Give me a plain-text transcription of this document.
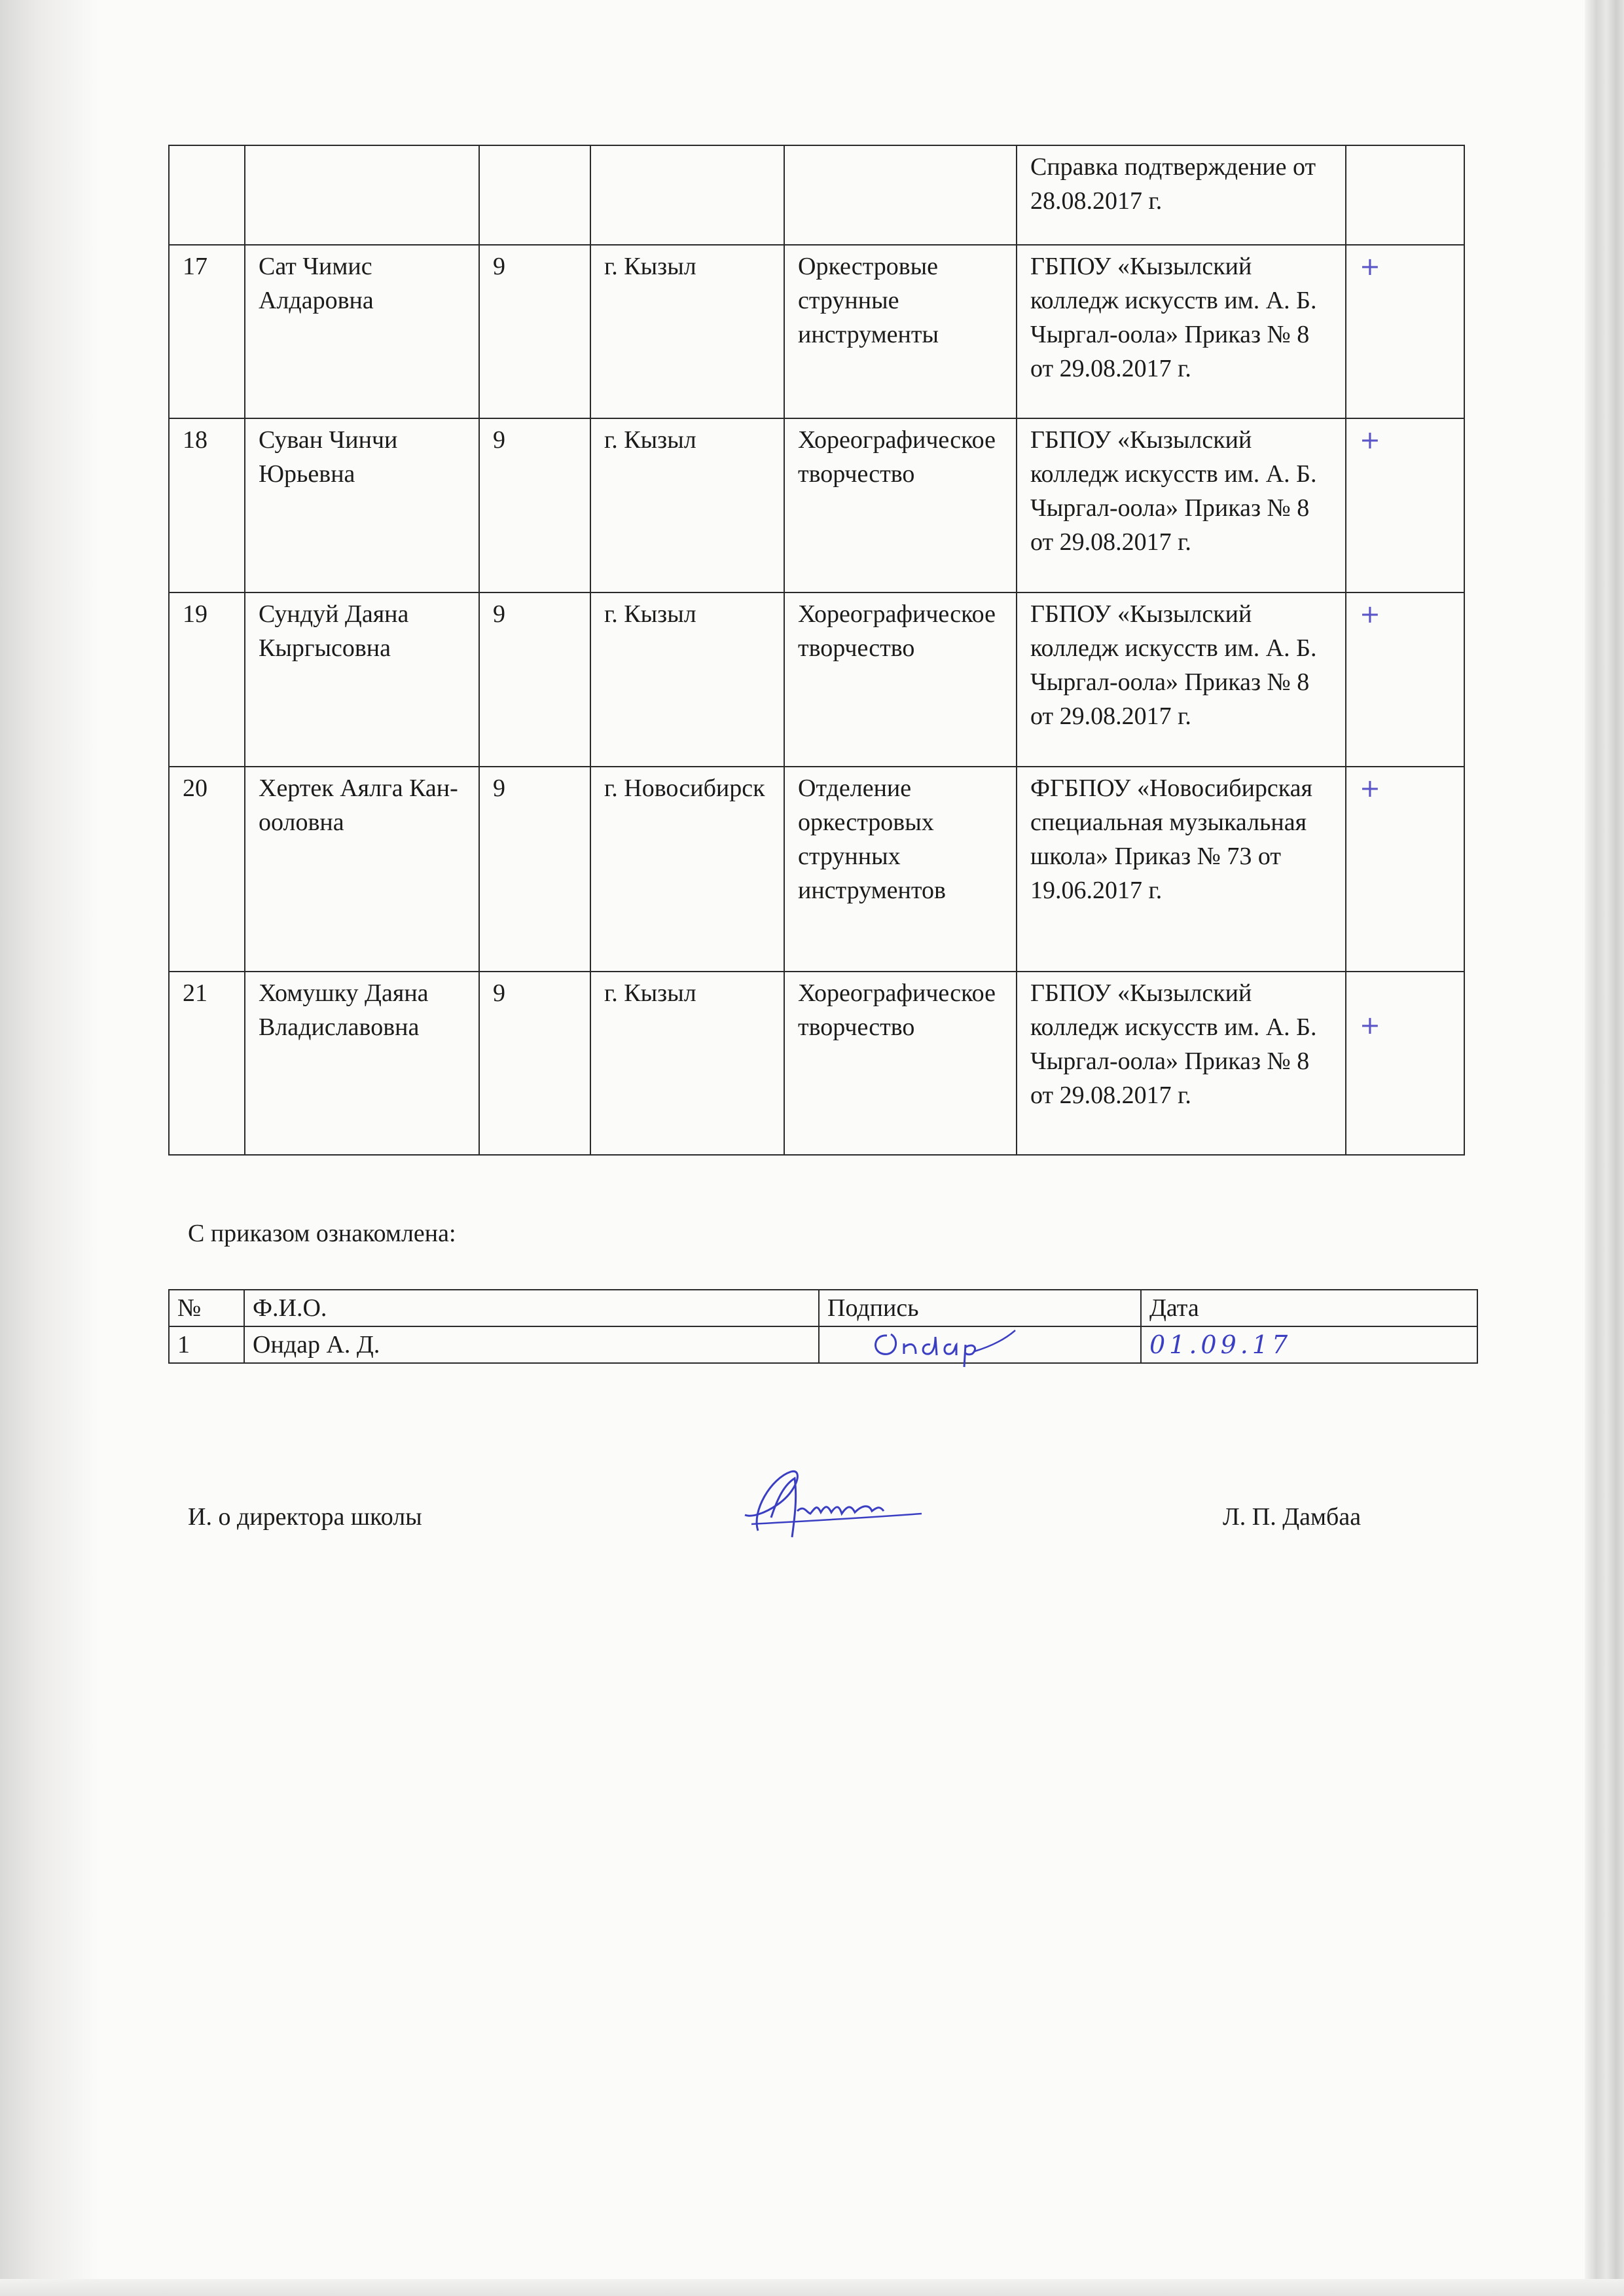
					Справка подтверждение от 28.08.2017 г.	
17	Сат Чимис Алдаровна	9	г. Кызыл	Оркестровые струнные инструменты	ГБПОУ «Кызылский колледж искусств им. А. Б. Чыргал-оола» Приказ № 8 от 29.08.2017 г.	+
18	Суван Чинчи Юрьевна	9	г. Кызыл	Хореографическое творчество	ГБПОУ «Кызылский колледж искусств им. А. Б. Чыргал-оола» Приказ № 8 от 29.08.2017 г.	+
19	Сундуй Даяна Кыргысовна	9	г. Кызыл	Хореографическое творчество	ГБПОУ «Кызылский колледж искусств им. А. Б. Чыргал-оола» Приказ № 8 от 29.08.2017 г.	+
20	Хертек Аялга Кан-ооловна	9	г. Новосибирск	Отделение оркестровых струнных инструментов	ФГБПОУ «Новосибирская специальная музыкальная школа» Приказ № 73 от 19.06.2017 г.	+
21	Хомушку Даяна Владиславовна	9	г. Кызыл	Хореографическое творчество	ГБПОУ «Кызылский колледж искусств им. А. Б. Чыргал-оола» Приказ № 8 от 29.08.2017 г.	+
С приказом ознакомлена:
№	Ф.И.О.	Подпись	Дата
1	Ондар А. Д.		01.09.17
И. о директора школы	Л. П. Дамбаа
